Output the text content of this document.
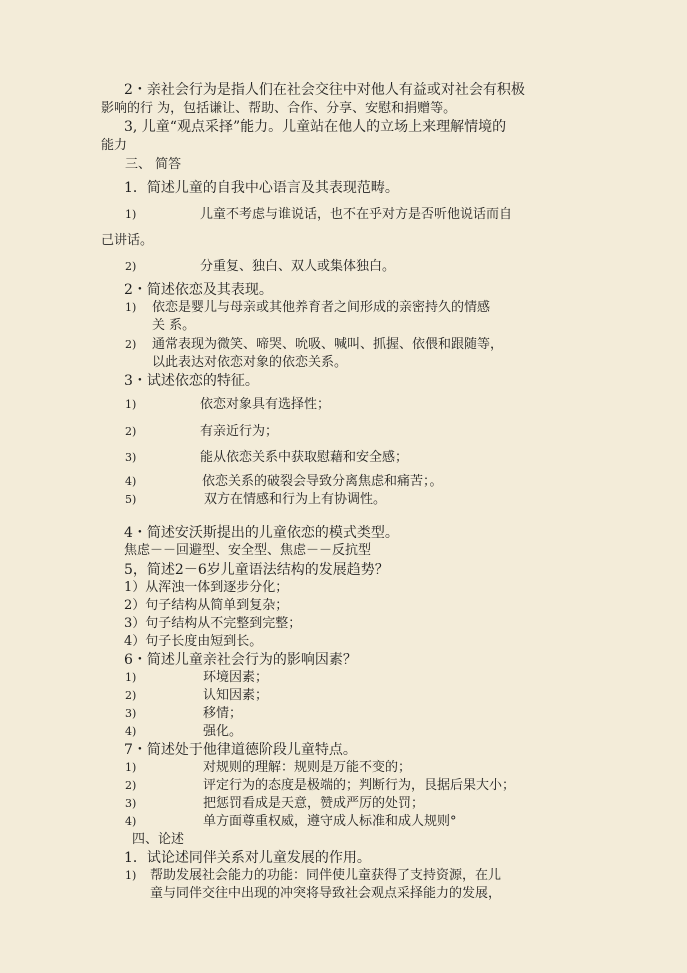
2・亲社会行为是指人们在社会交往中对他人有益或对社会有积极
影响的行 为，包括谦让、帮助、合作、分享、安慰和捐赠等。
3, 儿童“观点采择”能力。儿童站在他人的立场上来理解情境的
能力
三、 简答
1．简述儿童的自我中心语言及其表现范畴。
1)	儿童不考虑与谁说话，也不在乎对方是否听他说话而自
己讲话。
2)	分重复、独白、双人或集体独白。
2・简述依恋及其表现。
1) 依恋是婴儿与母亲或其他养育者之间形成的亲密持久的情感
关 系。
2) 通常表现为微笑、啼哭、吮吸、喊叫、抓握、依偎和跟随等，
以此表达对依恋对象的依恋关系。
3・试述依恋的特征。
1)	依恋对象具有选择性；
2)	有亲近行为；
3)	能从依恋关系中获取慰藉和安全感；
4)	依恋关系的破裂会导致分离焦虑和痛苦；。
5)	双方在情感和行为上有协调性。
4・简述安沃斯提出的儿童依恋的模式类型。
焦虑－－回避型、安全型、焦虑－－反抗型
5，简述2－6岁儿童语法结构的发展趋势？
1）从浑浊一体到逐步分化；
2）句子结构从简单到复杂；
3）句子结构从不完整到完整；
4）句子长度由短到长。
6・简述儿童亲社会行为的影响因素？
1)	环境因素；
2)	认知因素；
3)	移情；
4)	强化。
7・简述处于他律道德阶段儿童特点。
1)	对规则的理解：规则是万能不变的；
2)	评定行为的态度是极端的；判断行为，艮据后果大小；
3)	把惩罚看成是天意，赞成严厉的处罚；
4)	单方面尊重权威，遵守成人标准和成人规则°
四、论述
1．试论述同伴关系对儿童发展的作用。
1) 帮助发展社会能力的功能：同伴使儿童获得了支持资源，在儿
童与同伴交往中出现的冲突将导致社会观点采择能力的发展，
